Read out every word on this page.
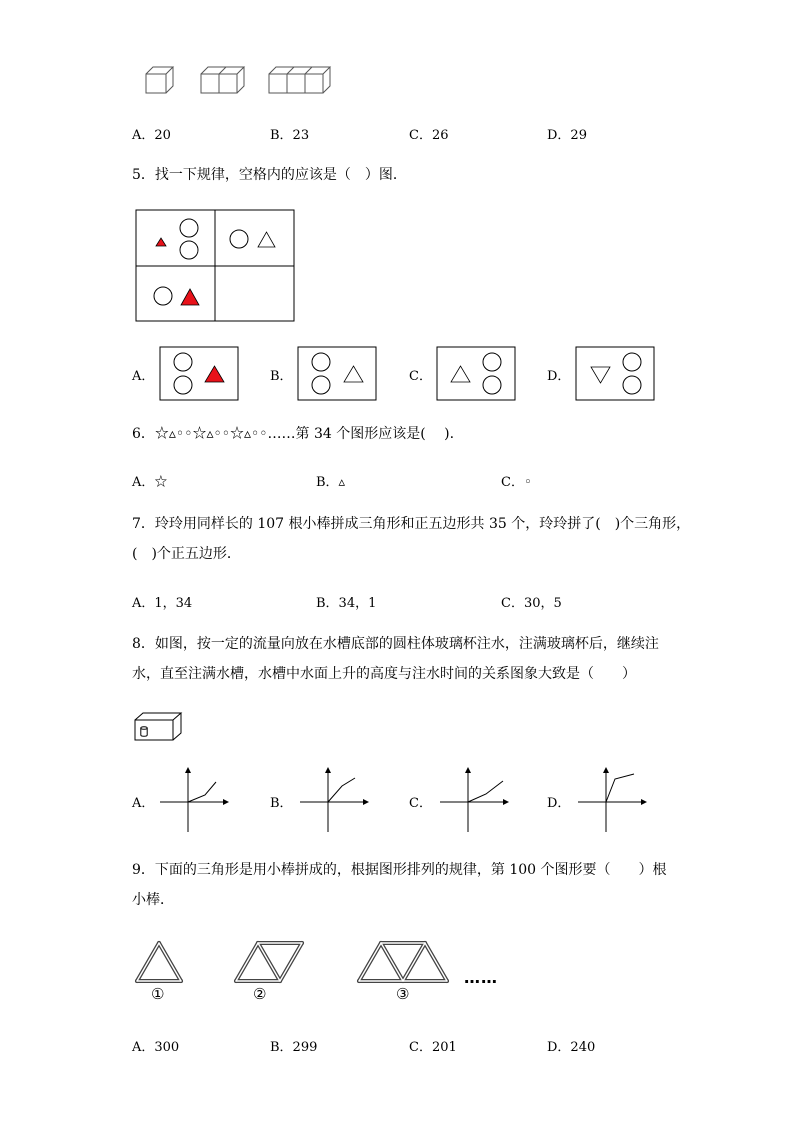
A．20	B．23	C．26	D．29
5．找一下规律，空格内的应该是（　）图．
A．	B．	C．	D．
6．☆▵◦◦☆▵◦◦☆▵◦◦……第 34 个图形应该是(　 ).
A．☆	B．▵	C．◦
7．玲玲用同样长的 107 根小棒拼成三角形和正五边形共 35 个，玲玲拼了(　)个三角形，
(　)个正五边形．
A．1，34	B．34，1	C．30，5
8．如图，按一定的流量向放在水槽底部的圆柱体玻璃杯注水，注满玻璃杯后，继续注
水，直至注满水槽，水槽中水面上升的高度与注水时间的关系图象大致是（　　）
A．	B．	C．	D．
9．下面的三角形是用小棒拼成的，根据图形排列的规律，第 100 个图形要（　　）根
小棒．
①	②	③
……
A．300	B．299	C．201	D．240
